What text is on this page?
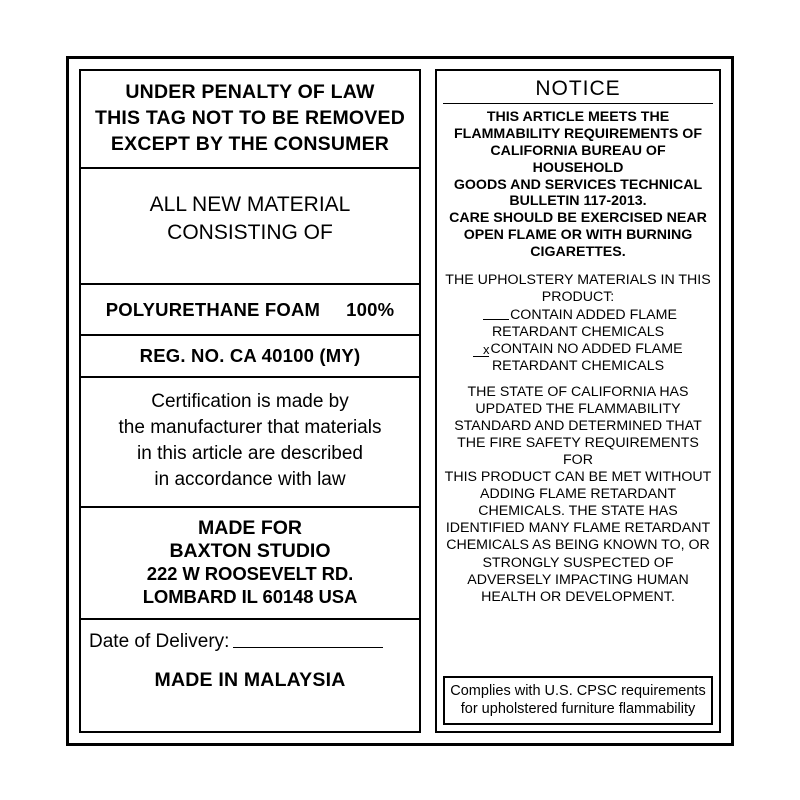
UNDER PENALTY OF LAW
THIS TAG NOT TO BE REMOVED
EXCEPT BY THE CONSUMER
ALL NEW MATERIAL
CONSISTING OF
POLYURETHANE FOAM 100%
REG. NO. CA 40100 (MY)
Certification is made by
the manufacturer that materials
in this article are described
in accordance with law
MADE FOR
BAXTON STUDIO
222 W ROOSEVELT RD.
LOMBARD IL 60148 USA
Date of Delivery:
MADE IN MALAYSIA
NOTICE
THIS ARTICLE MEETS THE
FLAMMABILITY REQUIREMENTS OF
CALIFORNIA BUREAU OF HOUSEHOLD
GOODS AND SERVICES TECHNICAL
BULLETIN 117-2013.
CARE SHOULD BE EXERCISED NEAR
OPEN FLAME OR WITH BURNING
CIGARETTES.
THE UPHOLSTERY MATERIALS IN THIS
PRODUCT:
CONTAIN ADDED FLAME
RETARDANT CHEMICALS
xCONTAIN NO ADDED FLAME
RETARDANT CHEMICALS
THE STATE OF CALIFORNIA HAS
UPDATED THE FLAMMABILITY
STANDARD AND DETERMINED THAT
THE FIRE SAFETY REQUIREMENTS FOR
THIS PRODUCT CAN BE MET WITHOUT
ADDING FLAME RETARDANT
CHEMICALS. THE STATE HAS
IDENTIFIED MANY FLAME RETARDANT
CHEMICALS AS BEING KNOWN TO, OR
STRONGLY SUSPECTED OF
ADVERSELY IMPACTING HUMAN
HEALTH OR DEVELOPMENT.
Complies with U.S. CPSC requirements
for upholstered furniture flammability
